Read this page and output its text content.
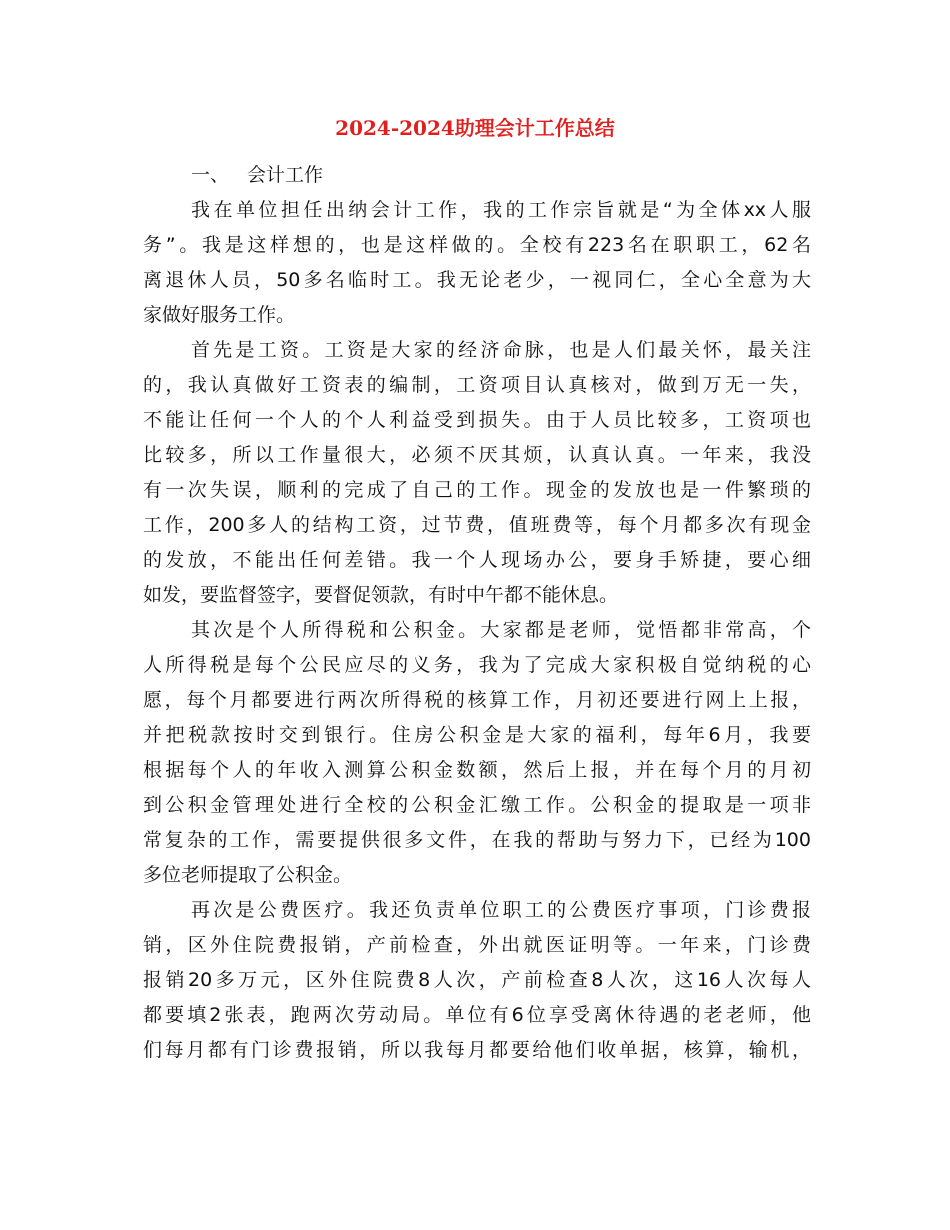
2024-2024助理会计工作总结
一、 会计工作
我在单位担任出纳会计工作，我的工作宗旨就是“为全体xx人服
务”。我是这样想的，也是这样做的。全校有223名在职职工，62名
离退休人员，50多名临时工。我无论老少，一视同仁，全心全意为大
家做好服务工作。
首先是工资。工资是大家的经济命脉，也是人们最关怀，最关注
的，我认真做好工资表的编制，工资项目认真核对，做到万无一失，
不能让任何一个人的个人利益受到损失。由于人员比较多，工资项也
比较多，所以工作量很大，必须不厌其烦，认真认真。一年来，我没
有一次失误，顺利的完成了自己的工作。现金的发放也是一件繁琐的
工作，200多人的结构工资，过节费，值班费等，每个月都多次有现金
的发放，不能出任何差错。我一个人现场办公，要身手矫捷，要心细
如发，要监督签字，要督促领款，有时中午都不能休息。
其次是个人所得税和公积金。大家都是老师，觉悟都非常高，个
人所得税是每个公民应尽的义务，我为了完成大家积极自觉纳税的心
愿，每个月都要进行两次所得税的核算工作，月初还要进行网上上报，
并把税款按时交到银行。住房公积金是大家的福利，每年6月，我要
根据每个人的年收入测算公积金数额，然后上报，并在每个月的月初
到公积金管理处进行全校的公积金汇缴工作。公积金的提取是一项非
常复杂的工作，需要提供很多文件，在我的帮助与努力下，已经为100
多位老师提取了公积金。
再次是公费医疗。我还负责单位职工的公费医疗事项，门诊费报
销，区外住院费报销，产前检查，外出就医证明等。一年来，门诊费
报销20多万元，区外住院费8人次，产前检查8人次，这16人次每人
都要填2张表，跑两次劳动局。单位有6位享受离休待遇的老老师，他
们每月都有门诊费报销，所以我每月都要给他们收单据，核算，输机，
